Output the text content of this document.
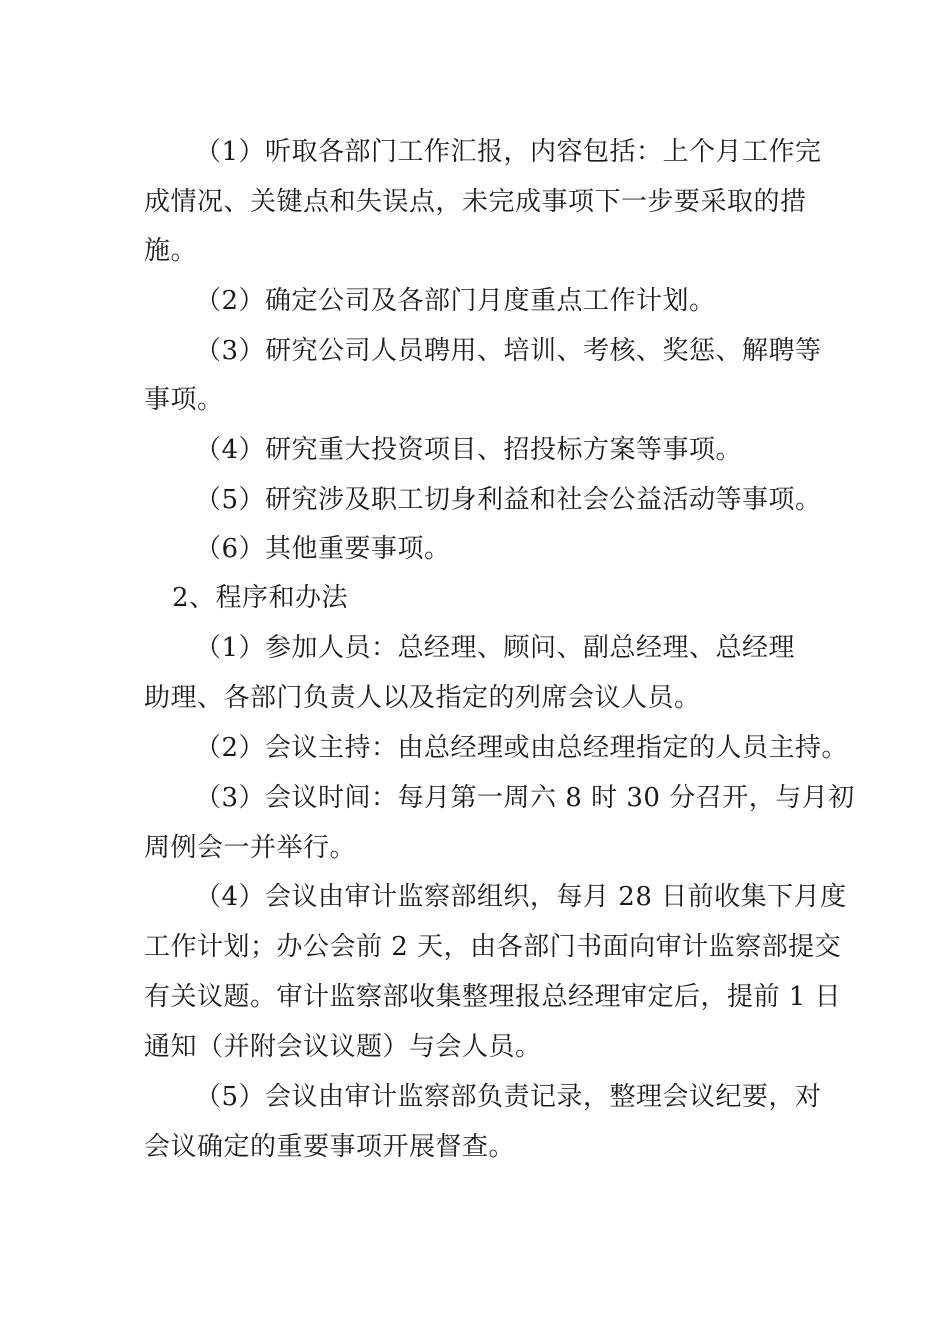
（1）听取各部门工作汇报，内容包括：上个月工作完
成情况、关键点和失误点，未完成事项下一步要采取的措
施。
（2）确定公司及各部门月度重点工作计划。
（3）研究公司人员聘用、培训、考核、奖惩、解聘等
事项。
（4）研究重大投资项目、招投标方案等事项。
（5）研究涉及职工切身利益和社会公益活动等事项。
（6）其他重要事项。
2、程序和办法
（1）参加人员：总经理、顾问、副总经理、总经理
助理、各部门负责人以及指定的列席会议人员。
（2）会议主持：由总经理或由总经理指定的人员主持。
（3）会议时间：每月第一周六 8 时 30 分召开，与月初
周例会一并举行。
（4）会议由审计监察部组织，每月 28 日前收集下月度
工作计划；办公会前 2 天，由各部门书面向审计监察部提交
有关议题。审计监察部收集整理报总经理审定后，提前 1 日
通知（并附会议议题）与会人员。
（5）会议由审计监察部负责记录，整理会议纪要，对
会议确定的重要事项开展督查。
